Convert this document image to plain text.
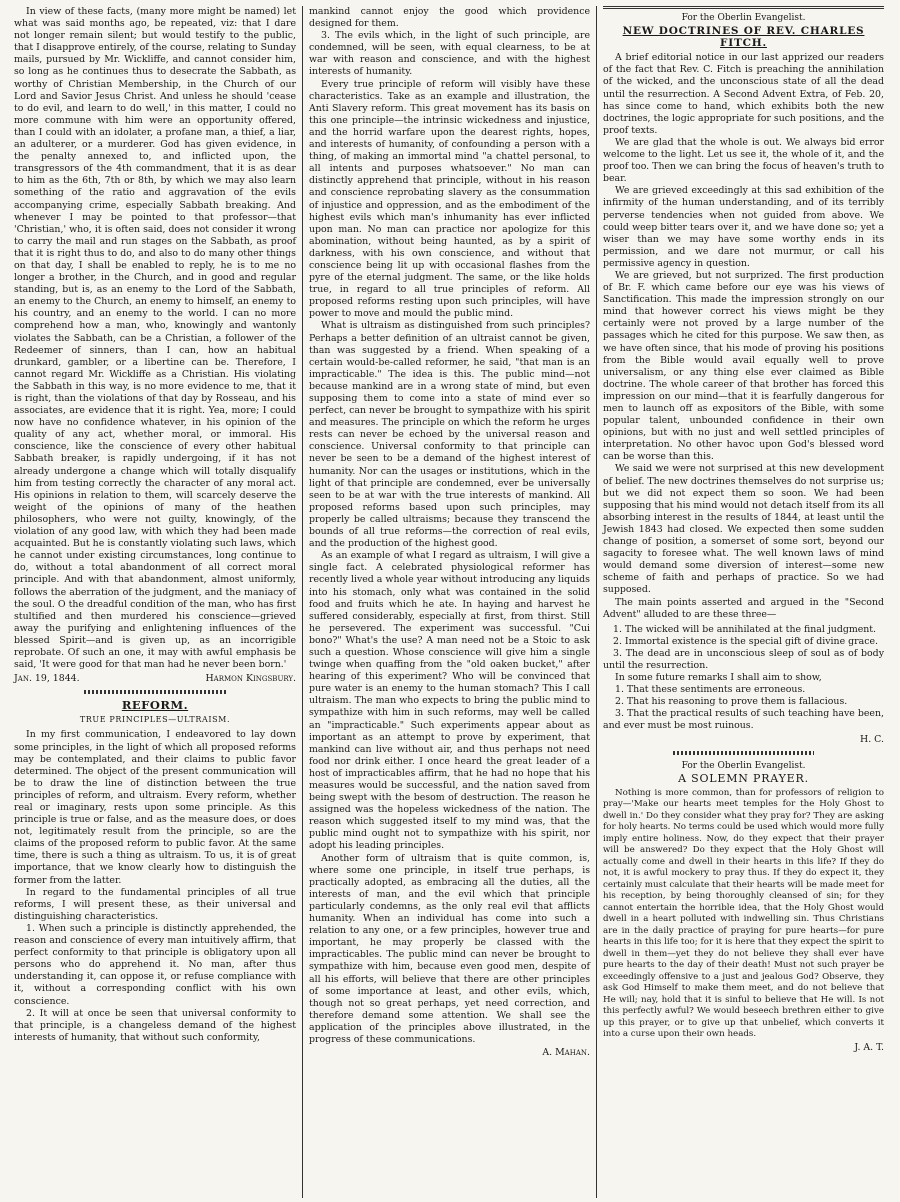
In view of these facts, (many more might be named) let what was said months ago, be repeated, viz: that I dare not longer remain silent; but would testify to the public, that I disapprove entirely, of the course, relating to Sunday mails, pursued by Mr. Wickliffe, and cannot consider him, so long as he continues thus to desecrate the Sabbath, as worthy of Christian Membership, in the Church of our Lord and Savior Jesus Christ. And unless he should 'cease to do evil, and learn to do well,' in this matter, I could no more commune with him were an opportunity offered, than I could with an idolater, a profane man, a thief, a liar, an adulterer, or a murderer. God has given evidence, in the penalty annexed to, and inflicted upon, the transgressors of the 4th commandment, that it is as dear to him as the 6th, 7th or 8th, by which we may also learn something of the ratio and aggravation of the evils accompanying crime, especially Sabbath breaking. And whenever I may be pointed to that professor—that 'Christian,' who, it is often said, does not consider it wrong to carry the mail and run stages on the Sabbath, as proof that it is right thus to do, and also to do many other things on that day, I shall be enabled to reply, he is to me no longer a brother, in the Church, and in good and regular standing, but is, as an enemy to the Lord of the Sabbath, an enemy to the Church, an enemy to himself, an enemy to his country, and an enemy to the world. I can no more comprehend how a man, who, knowingly and wantonly violates the Sabbath, can be a Christian, a follower of the Redeemer of sinners, than I can, how an habitual drunkard, gambler, or a libertine can be. Therefore, I cannot regard Mr. Wickliffe as a Christian. His violating the Sabbath in this way, is no more evidence to me, that it is right, than the violations of that day by Rosseau, and his associates, are evidence that it is right. Yea, more; I could now have no confidence whatever, in his opinion of the quality of any act, whether moral, or immoral. His conscience, like the conscience of every other habitual Sabbath breaker, is rapidly undergoing, if it has not already undergone a change which will totally disqualify him from testing correctly the character of any moral act. His opinions in relation to them, will scarcely deserve the weight of the opinions of many of the heathen philosophers, who were not guilty, knowingly, of the violation of any good law, with which they had been made acquainted. But he is constantly violating such laws, which he cannot under existing circumstances, long continue to do, without a total abandonment of all correct moral principle. And with that abandonment, almost uniformly, follows the aberration of the judgment, and the maniacy of the soul. O the dreadful condition of the man, who has first stultified and then murdered his conscience—grieved away the purifying and enlightening influences of the blessed Spirit—and is given up, as an incorrigible reprobate. Of such an one, it may with awful emphasis be said, 'It were good for that man had he never been born.'

Jan. 19, 1844.	Harmon Kingsbury.
REFORM.
TRUE PRINCIPLES—ULTRAISM.

In my first communication, I endeavored to lay down some principles, in the light of which all proposed reforms may be contemplated, and their claims to public favor determined. The object of the present communication will be to draw the line of distinction between the true principles of reform, and ultraism. Every reform, whether real or imaginary, rests upon some principle. As this principle is true or false, and as the measure does, or does not, legitimately result from the principle, so are the claims of the proposed reform to public favor. At the same time, there is such a thing as ultraism. To us, it is of great importance, that we know clearly how to distinguish the former from the latter.

In regard to the fundamental principles of all true reforms, I will present these, as their universal and distinguishing characteristics.

1. When such a principle is distinctly apprehended, the reason and conscience of every man intuitively affirm, that perfect conformity to that principle is obligatory upon all persons who do apprehend it. No man, after thus understanding it, can oppose it, or refuse compliance with it, without a corresponding conflict with his own conscience.

2. It will at once be seen that universal conformity to that principle, is a changeless demand of the highest interests of humanity, that without such conformity,

mankind cannot enjoy the good which providence designed for them.

3. The evils which, in the light of such principle, are condemned, will be seen, with equal clearness, to be at war with reason and conscience, and with the highest interests of humanity.

Every true principle of reform will visibly have these characteristics. Take as an example and illustration, the Anti Slavery reform. This great movement has its basis on this one principle—the intrinsic wickedness and injustice, and the horrid warfare upon the dearest rights, hopes, and interests of humanity, of confounding a person with a thing, of making an immortal mind "a chattel personal, to all intents and purposes whatsoever." No man can distinctly apprehend that principle, without in his reason and conscience reprobating slavery as the consummation of injustice and oppression, and as the embodiment of the highest evils which man's inhumanity has ever inflicted upon man. No man can practice nor apologize for this abomination, without being haunted, as by a spirit of darkness, with his own conscience, and without that conscience being lit up with occasional flashes from the pyre of the eternal judgment. The same, or the like holds true, in regard to all true principles of reform. All proposed reforms resting upon such principles, will have power to move and mould the public mind.

What is ultraism as distinguished from such principles? Perhaps a better definition of an ultraist cannot be given, than was suggested by a friend. When speaking of a certain would-be-called reformer, he said, "that man is an impracticable." The idea is this. The public mind—not because mankind are in a wrong state of mind, but even supposing them to come into a state of mind ever so perfect, can never be brought to sympathize with his spirit and measures. The principle on which the reform he urges rests can never be echoed by the universal reason and conscience. Universal conformity to that principle can never be seen to be a demand of the highest interest of humanity. Nor can the usages or institutions, which in the light of that principle are condemned, ever be universally seen to be at war with the true interests of mankind. All proposed reforms based upon such principles, may properly be called ultraisms; because they transcend the bounds of all true reforms—the correction of real evils, and the production of the highest good.

As an example of what I regard as ultraism, I will give a single fact. A celebrated physiological reformer has recently lived a whole year without introducing any liquids into his stomach, only what was contained in the solid food and fruits which he ate. In haying and harvest he suffered considerably, especially at first, from thirst. Still he persevered. The experiment was successful. "Cui bono?" What's the use? A man need not be a Stoic to ask such a question. Whose conscience will give him a single twinge when quaffing from the "old oaken bucket," after hearing of this experiment? Who will be convinced that pure water is an enemy to the human stomach? This I call ultraism. The man who expects to bring the public mind to sympathize with him in such reforms, may well be called an "impracticable." Such experiments appear about as important as an attempt to prove by experiment, that mankind can live without air, and thus perhaps not need food nor drink either. I once heard the great leader of a host of impracticables affirm, that he had no hope that his measures would be successful, and the nation saved from being swept with the besom of destruction. The reason he assigned was the hopeless wickedness of the nation. The reason which suggested itself to my mind was, that the public mind ought not to sympathize with his spirit, nor adopt his leading principles.

Another form of ultraism that is quite common, is, where some one principle, in itself true perhaps, is practically adopted, as embracing all the duties, all the interests of man, and the evil which that principle particularly condemns, as the only real evil that afflicts humanity. When an individual has come into such a relation to any one, or a few principles, however true and important, he may properly be classed with the impracticables. The public mind can never be brought to sympathize with him, because even good men, despite of all his efforts, will believe that there are other principles of some importance at least, and other evils, which, though not so great perhaps, yet need correction, and therefore demand some attention. We shall see the application of the principles above illustrated, in the progress of these communications.

A. Mahan.
For the Oberlin Evangelist.
NEW DOCTRINES OF REV. CHARLES FITCH.

A brief editorial notice in our last apprized our readers of the fact that Rev. C. Fitch is preaching the annihilation of the wicked, and the unconscious state of all the dead until the resurrection. A Second Advent Extra, of Feb. 20, has since come to hand, which exhibits both the new doctrines, the logic appropriate for such positions, and the proof texts.

We are glad that the whole is out. We always bid error welcome to the light. Let us see it, the whole of it, and the proof too. Then we can bring the focus of heaven's truth to bear.

We are grieved exceedingly at this sad exhibition of the infirmity of the human understanding, and of its terribly perverse tendencies when not guided from above. We could weep bitter tears over it, and we have done so; yet a wiser than we may have some worthy ends in its permission, and we dare not murmur, or call his permissive agency in question.

We are grieved, but not surprized. The first production of Br. F. which came before our eye was his views of Sanctification. This made the impression strongly on our mind that however correct his views might be they certainly were not proved by a large number of the passages which he cited for this purpose. We saw then, as we have often since, that his mode of proving his positions from the Bible would avail equally well to prove universalism, or any thing else ever claimed as Bible doctrine. The whole career of that brother has forced this impression on our mind—that it is fearfully dangerous for men to launch off as expositors of the Bible, with some popular talent, unbounded confidence in their own opinions, but with no just and well settled principles of interpretation. No other havoc upon God's blessed word can be worse than this.

We said we were not surprised at this new development of belief. The new doctrines themselves do not surprise us; but we did not expect them so soon. We had been supposing that his mind would not detach itself from its all absorbing interest in the results of 1844, at least until the Jewish 1843 had closed. We expected then some sudden change of position, a somerset of some sort, beyond our sagacity to foresee what. The well known laws of mind would demand some diversion of interest—some new scheme of faith and perhaps of practice. So we had supposed.

The main points asserted and argued in the "Second Advent" alluded to are these three—

1. The wicked will be annihilated at the final judgment.

2. Immortal existence is the special gift of divine grace.

3. The dead are in unconscious sleep of soul as of body until the resurrection.

In some future remarks I shall aim to show,

1. That these sentiments are erroneous.

2. That his reasoning to prove them is fallacious.

3. That the practical results of such teaching have been, and ever must be most ruinous.

H. C.
For the Oberlin Evangelist.
A SOLEMN PRAYER.

Nothing is more common, than for professors of religion to pray—'Make our hearts meet temples for the Holy Ghost to dwell in.' Do they consider what they pray for? They are asking for holy hearts. No terms could be used which would more fully imply entire holiness. Now, do they expect that their prayer will be answered? Do they expect that the Holy Ghost will actually come and dwell in their hearts in this life? If they do not, it is awful mockery to pray thus. If they do expect it, they certainly must calculate that their hearts will be made meet for his reception, by being thoroughly cleansed of sin; for they cannot entertain the horrible idea, that the Holy Ghost would dwell in a heart polluted with indwelling sin. Thus Christians are in the daily practice of praying for pure hearts—for pure hearts in this life too; for it is here that they expect the spirit to dwell in them—yet they do not believe they shall ever have pure hearts to the day of their death! Must not such prayer be exceedingly offensive to a just and jealous God? Observe, they ask God Himself to make them meet, and do not believe that He will; nay, hold that it is sinful to believe that He will. Is not this perfectly awful? We would beseech brethren either to give up this prayer, or to give up that unbelief, which converts it into a curse upon their own heads.

J. A. T.
